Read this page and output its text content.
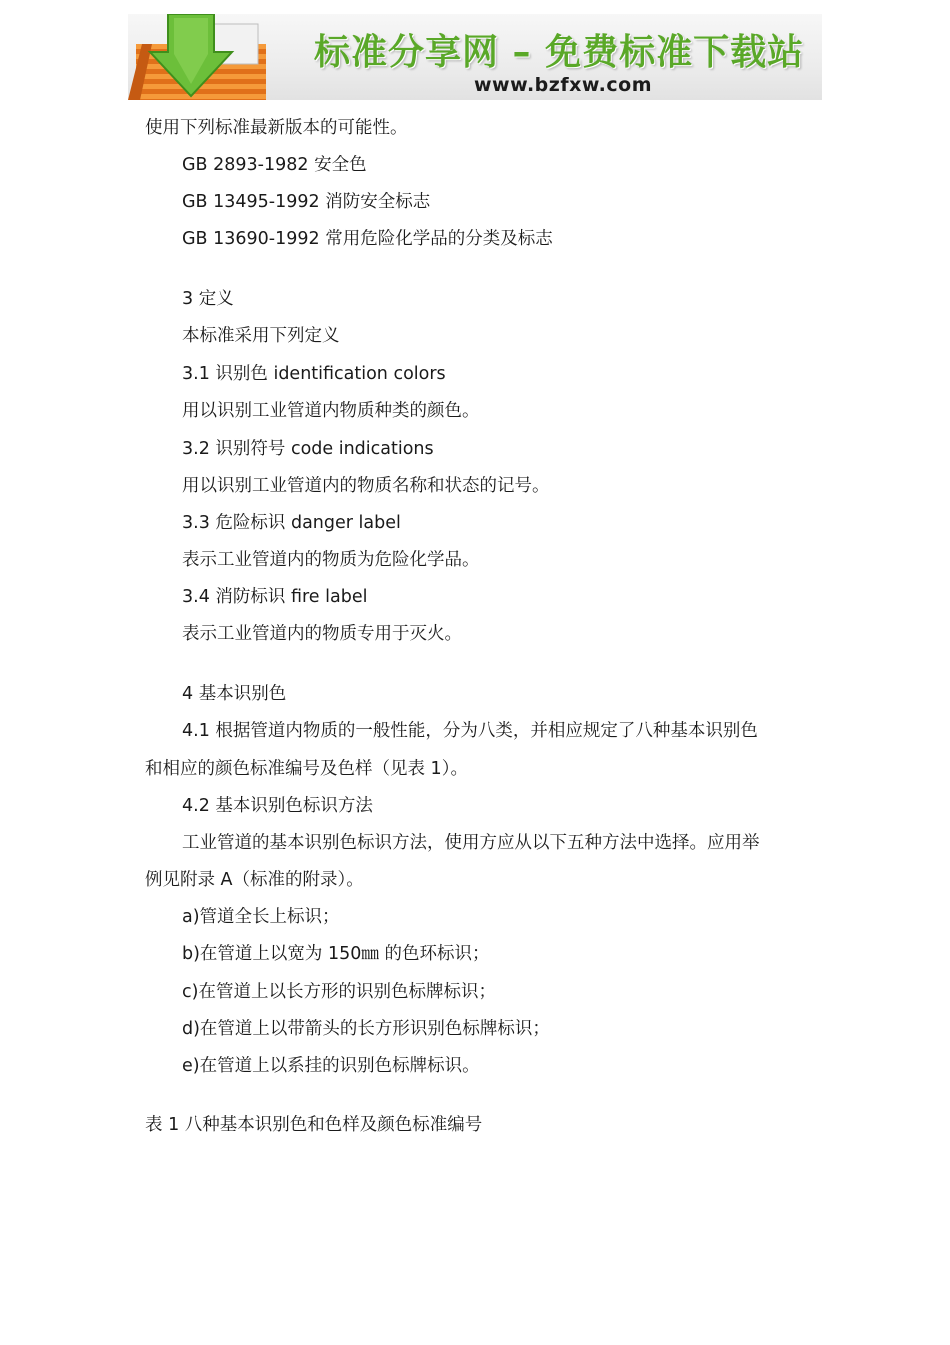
标准分享网 – 免费标准下载站
www.bzfxw.com
使用下列标准最新版本的可能性。
GB 2893-1982 安全色
GB 13495-1992 消防安全标志
GB 13690-1992 常用危险化学品的分类及标志
3 定义
本标准采用下列定义
3.1 识别色 identification colors
用以识别工业管道内物质种类的颜色。
3.2 识别符号 code indications
用以识别工业管道内的物质名称和状态的记号。
3.3 危险标识 danger label
表示工业管道内的物质为危险化学品。
3.4 消防标识 fire label
表示工业管道内的物质专用于灭火。
4 基本识别色
4.1 根据管道内物质的一般性能，分为八类，并相应规定了八种基本识别色
和相应的颜色标准编号及色样（见表 1）。
4.2 基本识别色标识方法
工业管道的基本识别色标识方法，使用方应从以下五种方法中选择。应用举
例见附录 A（标准的附录）。
a)管道全长上标识；
b)在管道上以宽为 150㎜ 的色环标识；
c)在管道上以长方形的识别色标牌标识；
d)在管道上以带箭头的长方形识别色标牌标识；
e)在管道上以系挂的识别色标牌标识。
表 1 八种基本识别色和色样及颜色标准编号
